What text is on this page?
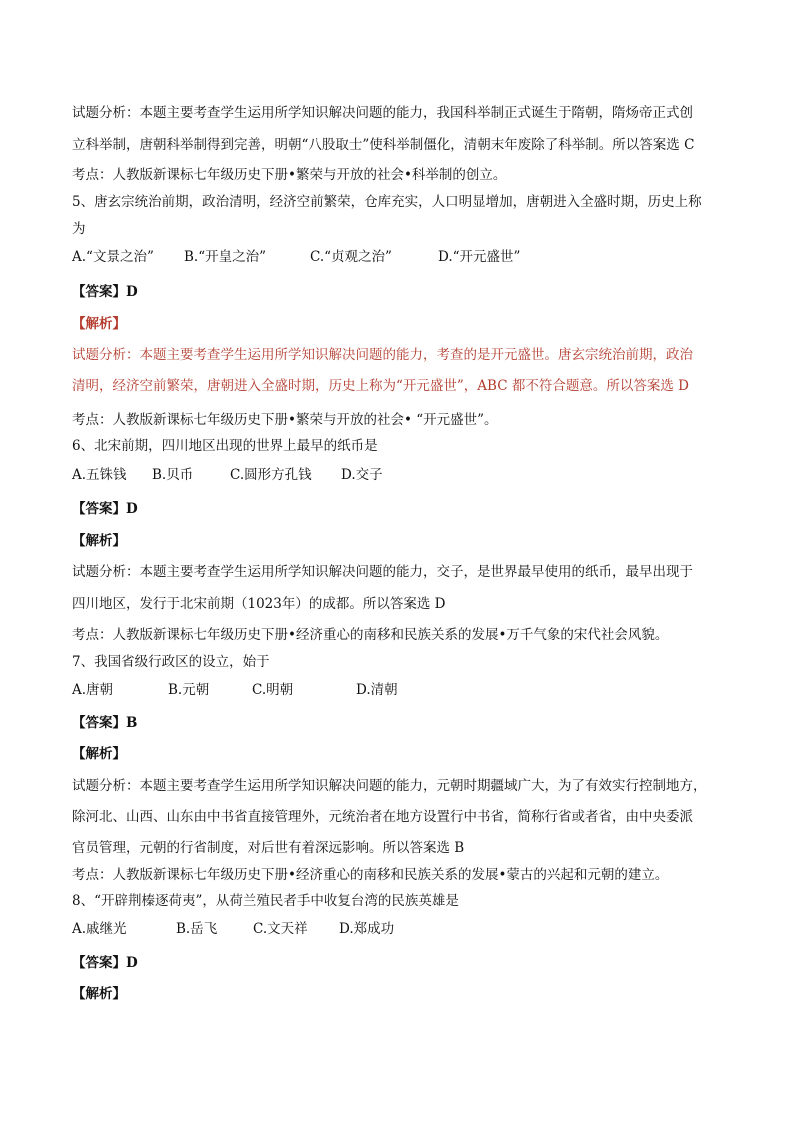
试题分析：本题主要考查学生运用所学知识解决问题的能力，我国科举制正式诞生于隋朝，隋炀帝正式创
立科举制，唐朝科举制得到完善，明朝“八股取士”使科举制僵化，清朝末年废除了科举制。所以答案选 C
考点：人教版新课标七年级历史下册•繁荣与开放的社会•科举制的创立。
5、唐玄宗统治前期，政治清明，经济空前繁荣，仓库充实，人口明显增加，唐朝进入全盛时期，历史上称
为
A.“文景之治” B.“开皇之治”	C.“贞观之治”	D.“开元盛世”
【答案】D
【解析】
试题分析：本题主要考查学生运用所学知识解决问题的能力，考查的是开元盛世。唐玄宗统治前期，政治
清明，经济空前繁荣，唐朝进入全盛时期，历史上称为“开元盛世”，ABC 都不符合题意。所以答案选 D
考点：人教版新课标七年级历史下册•繁荣与开放的社会• “开元盛世”。
6、北宋前期，四川地区出现的世界上最早的纸币是
A.五铢钱 B.贝币	C.圆形方孔钱 D.交子
【答案】D
【解析】
试题分析：本题主要考查学生运用所学知识解决问题的能力，交子，是世界最早使用的纸币，最早出现于
四川地区，发行于北宋前期（1023年）的成都。所以答案选 D
考点：人教版新课标七年级历史下册•经济重心的南移和民族关系的发展•万千气象的宋代社会风貌。
7、我国省级行政区的设立，始于
A.唐朝	B.元朝	C.明朝	D.清朝
【答案】B
【解析】
试题分析：本题主要考查学生运用所学知识解决问题的能力，元朝时期疆域广大，为了有效实行控制地方，
除河北、山西、山东由中书省直接管理外，元统治者在地方设置行中书省，简称行省或者省，由中央委派
官员管理，元朝的行省制度，对后世有着深远影响。所以答案选 B
考点：人教版新课标七年级历史下册•经济重心的南移和民族关系的发展•蒙古的兴起和元朝的建立。
8、“开辟荆榛逐荷夷”，从荷兰殖民者手中收复台湾的民族英雄是
A.戚继光	B.岳飞	C.文天祥 D.郑成功
【答案】D
【解析】
